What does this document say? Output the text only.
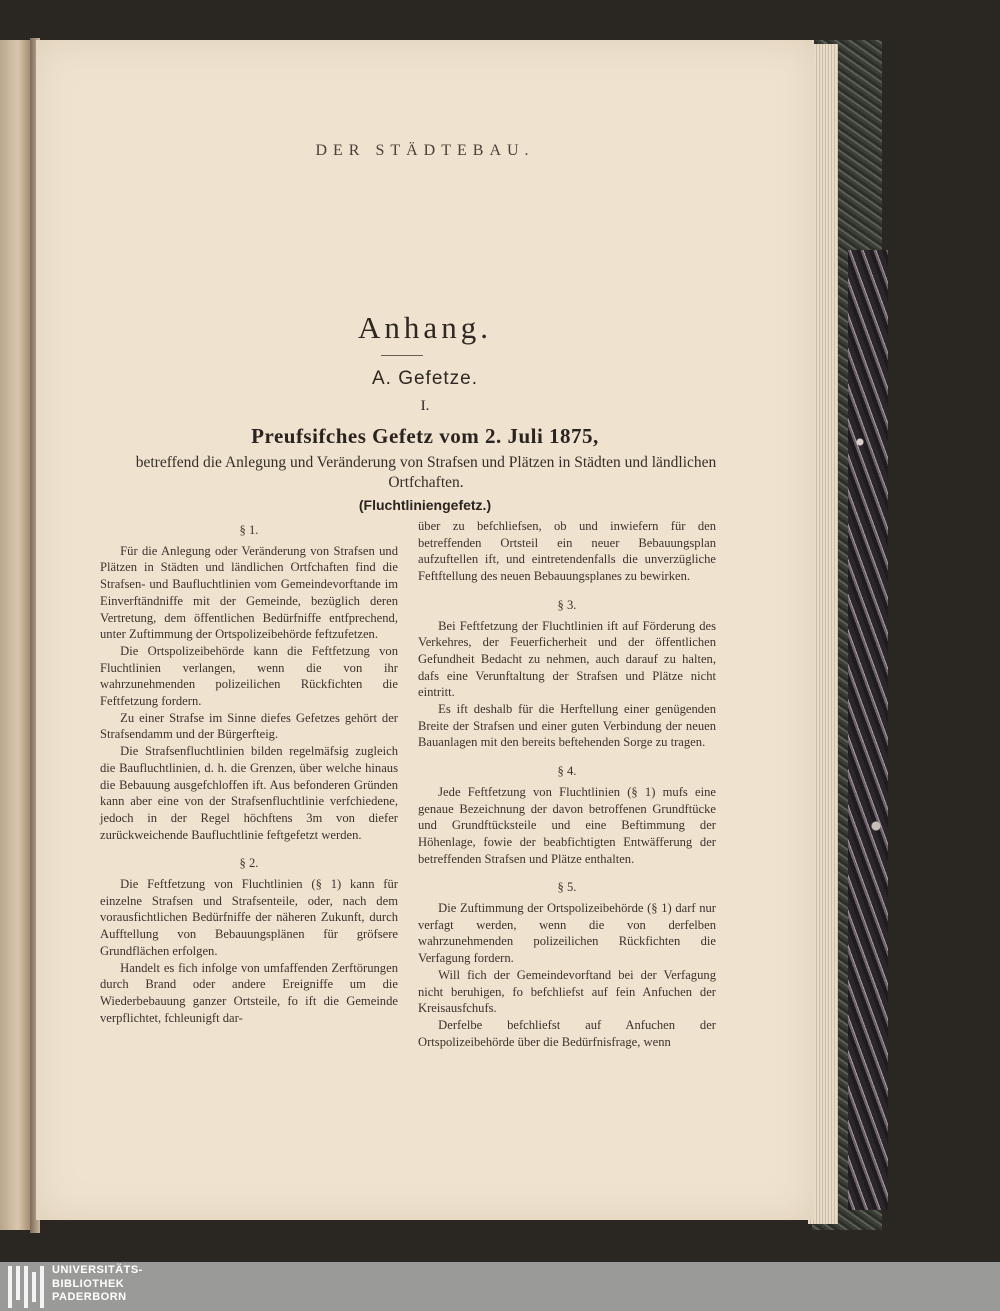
DER STÄDTEBAU.
Anhang.
A. Gefetze.
I.
Preufsifches Gefetz vom 2. Juli 1875,
betreffend die Anlegung und Veränderung von Strafsen und Plätzen in Städten und ländlichen Ortfchaften.
(Fluchtliniengefetz.)

§ 1.

Für die Anlegung oder Veränderung von Strafsen und Plätzen in Städten und ländlichen Ortfchaften find die Strafsen- und Baufluchtlinien vom Gemeindevorftande im Einverftändniffe mit der Gemeinde, bezüglich deren Vertretung, dem öffentlichen Bedürfniffe entfprechend, unter Zuftimmung der Ortspolizeibehörde feftzufetzen.

Die Ortspolizeibehörde kann die Feftfetzung von Fluchtlinien verlangen, wenn die von ihr wahrzunehmenden polizeilichen Rückfichten die Feftfetzung fordern.

Zu einer Strafse im Sinne diefes Gefetzes gehört der Strafsendamm und der Bürgerfteig.

Die Strafsenfluchtlinien bilden regelmäfsig zugleich die Baufluchtlinien, d. h. die Grenzen, über welche hinaus die Bebauung ausgefchloffen ift. Aus befonderen Gründen kann aber eine von der Strafsenfluchtlinie verfchiedene, jedoch in der Regel höchftens 3m von diefer zurückweichende Baufluchtlinie feftgefetzt werden.

§ 2.

Die Feftfetzung von Fluchtlinien (§ 1) kann für einzelne Strafsen und Strafsenteile, oder, nach dem vorausfichtlichen Bedürfniffe der näheren Zukunft, durch Aufftellung von Bebauungsplänen für gröfsere Grundflächen erfolgen.

Handelt es fich infolge von umfaffenden Zerftörungen durch Brand oder andere Ereigniffe um die Wiederbebauung ganzer Ortsteile, fo ift die Gemeinde verpflichtet, fchleunigft dar-

über zu befchliefsen, ob und inwiefern für den betreffenden Ortsteil ein neuer Bebauungsplan aufzuftellen ift, und eintretendenfalls die unverzügliche Feftftellung des neuen Bebauungsplanes zu bewirken.

§ 3.

Bei Feftfetzung der Fluchtlinien ift auf Förderung des Verkehres, der Feuerficherheit und der öffentlichen Gefundheit Bedacht zu nehmen, auch darauf zu halten, dafs eine Verunftaltung der Strafsen und Plätze nicht eintritt.

Es ift deshalb für die Herftellung einer genügenden Breite der Strafsen und einer guten Verbindung der neuen Bauanlagen mit den bereits beftehenden Sorge zu tragen.

§ 4.

Jede Feftfetzung von Fluchtlinien (§ 1) mufs eine genaue Bezeichnung der davon betroffenen Grundftücke und Grundftücksteile und eine Beftimmung der Höhenlage, fowie der beabfichtigten Entwäfferung der betreffenden Strafsen und Plätze enthalten.

§ 5.

Die Zuftimmung der Ortspolizeibehörde (§ 1) darf nur verfagt werden, wenn die von derfelben wahrzunehmenden polizeilichen Rückfichten die Verfagung fordern.

Will fich der Gemeindevorftand bei der Verfagung nicht beruhigen, fo befchliefst auf fein Anfuchen der Kreisausfchufs.

Derfelbe befchliefst auf Anfuchen der Ortspolizeibehörde über die Bedürfnisfrage, wenn

UNIVERSITÄTS-
BIBLIOTHEK
PADERBORN
